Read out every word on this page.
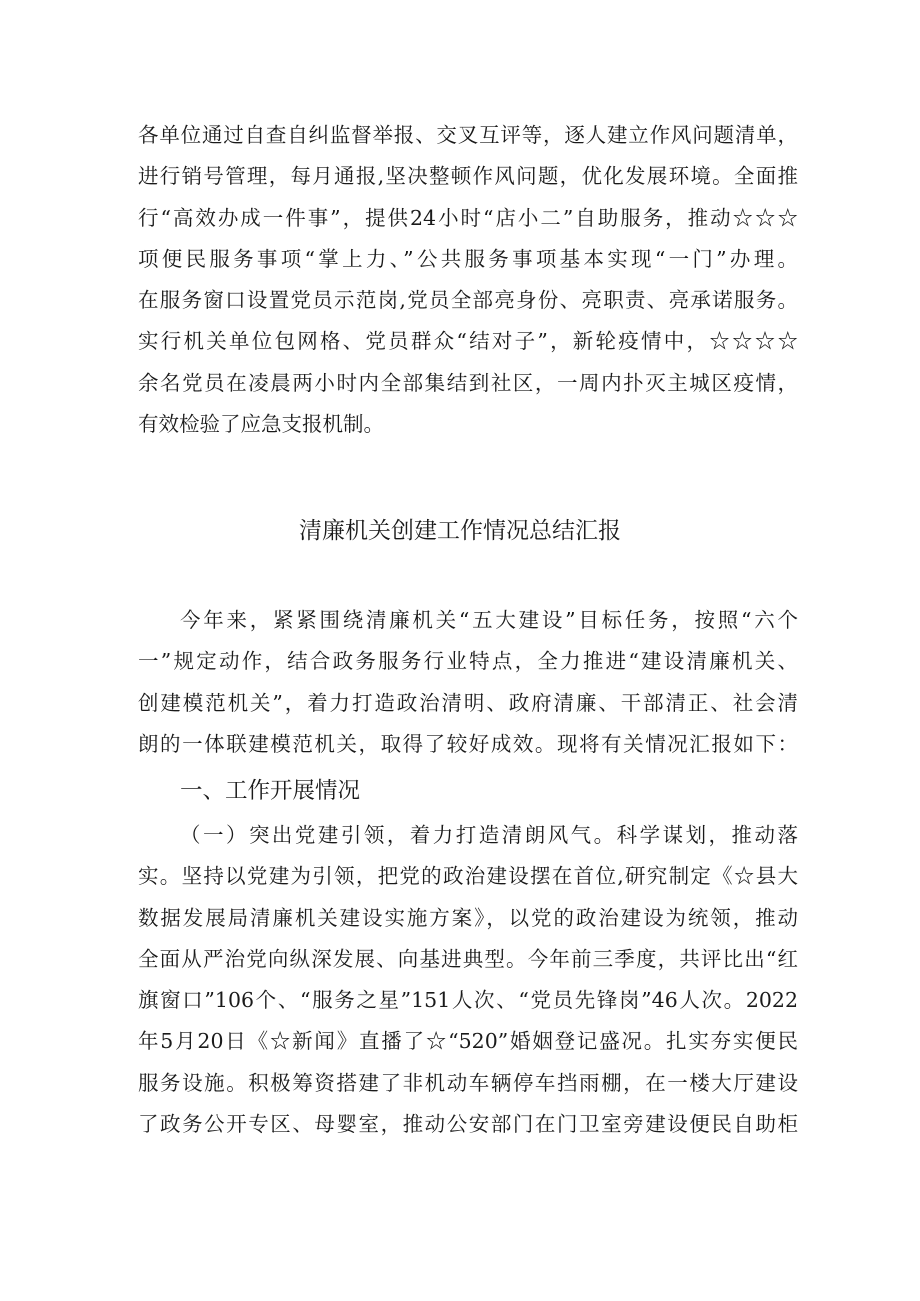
各单位通过自查自纠监督举报、交叉互评等，逐人建立作风问题清单，
进行销号管理，每月通报,坚决整顿作风问题，优化发展环境。全面推
行“高效办成一件事”，提供24小时“店小二”自助服务，推动☆☆☆
项便民服务事项“掌上力、”公共服务事项基本实现“一门”办理。
在服务窗口设置党员示范岗,党员全部亮身份、亮职责、亮承诺服务。
实行机关单位包网格、党员群众“结对子”，新轮疫情中，☆☆☆☆
余名党员在凌晨两小时内全部集结到社区，一周内扑灭主城区疫情，
有效检验了应急支报机制。
清廉机关创建工作情况总结汇报
今年来，紧紧围绕清廉机关“五大建设”目标任务，按照“六个
一”规定动作，结合政务服务行业特点，全力推进“建设清廉机关、
创建模范机关”，着力打造政治清明、政府清廉、干部清正、社会清
朗的一体联建模范机关，取得了较好成效。现将有关情况汇报如下：
一、工作开展情况
（一）突出党建引领，着力打造清朗风气。科学谋划，推动落
实。坚持以党建为引领，把党的政治建设摆在首位,研究制定《☆县大
数据发展局清廉机关建设实施方案》，以党的政治建设为统领，推动
全面从严治党向纵深发展、向基进典型。今年前三季度，共评比出“红
旗窗口”106个、“服务之星”151人次、“党员先锋岗”46人次。2022
年5月20日《☆新闻》直播了☆“520”婚姻登记盛况。扎实夯实便民
服务设施。积极筹资搭建了非机动车辆停车挡雨棚，在一楼大厅建设
了政务公开专区、母婴室，推动公安部门在门卫室旁建设便民自助柜
